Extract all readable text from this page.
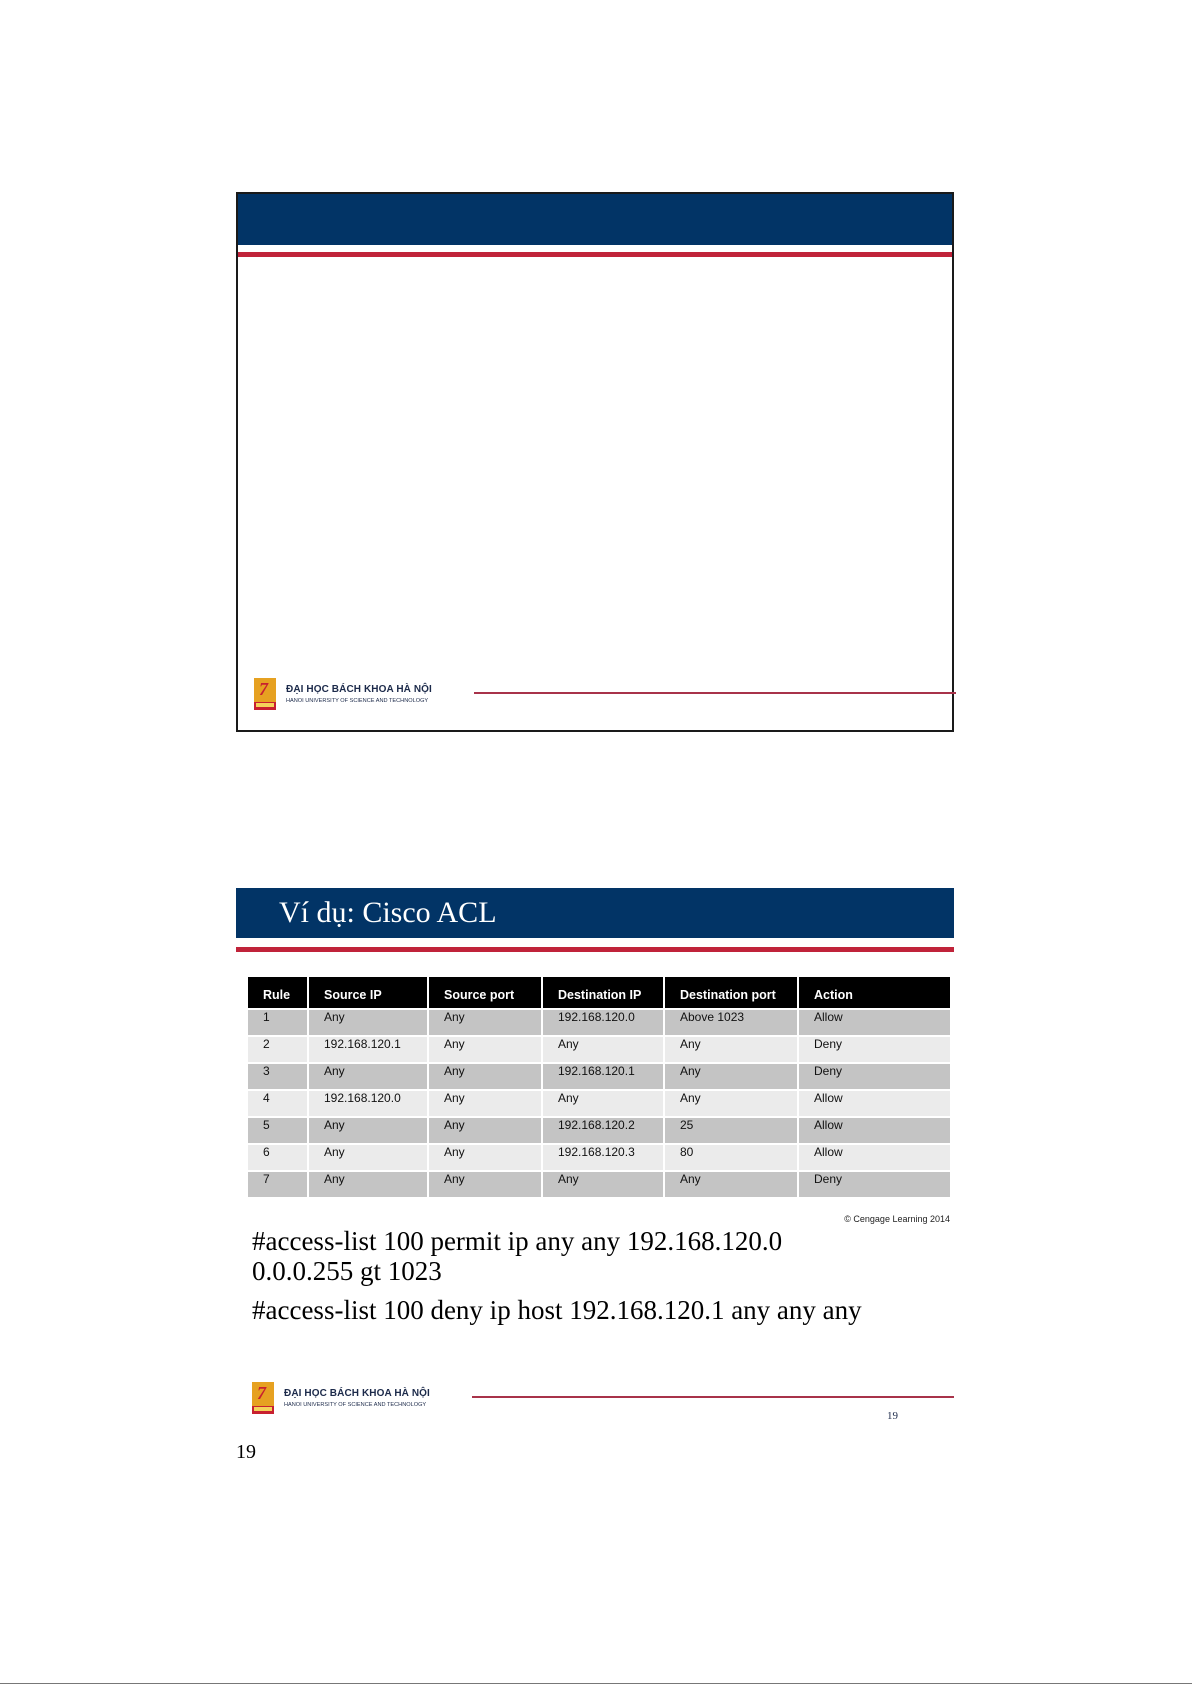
7 ĐẠI HỌC BÁCH KHOA HÀ NỘI
HANOI UNIVERSITY OF SCIENCE AND TECHNOLOGY
Ví dụ: Cisco ACL
Rule	Source IP	Source port	Destination IP	Destination port	Action
1	Any	Any	192.168.120.0	Above 1023	Allow
2	192.168.120.1	Any	Any	Any	Deny
3	Any	Any	192.168.120.1	Any	Deny
4	192.168.120.0	Any	Any	Any	Allow
5	Any	Any	192.168.120.2	25	Allow
6	Any	Any	192.168.120.3	80	Allow
7	Any	Any	Any	Any	Deny
© Cengage Learning 2014
#access-list 100 permit ip any any 192.168.120.0
0.0.0.255 gt 1023
#access-list 100 deny ip host 192.168.120.1 any any any
7 ĐẠI HỌC BÁCH KHOA HÀ NỘI
HANOI UNIVERSITY OF SCIENCE AND TECHNOLOGY
19
19
